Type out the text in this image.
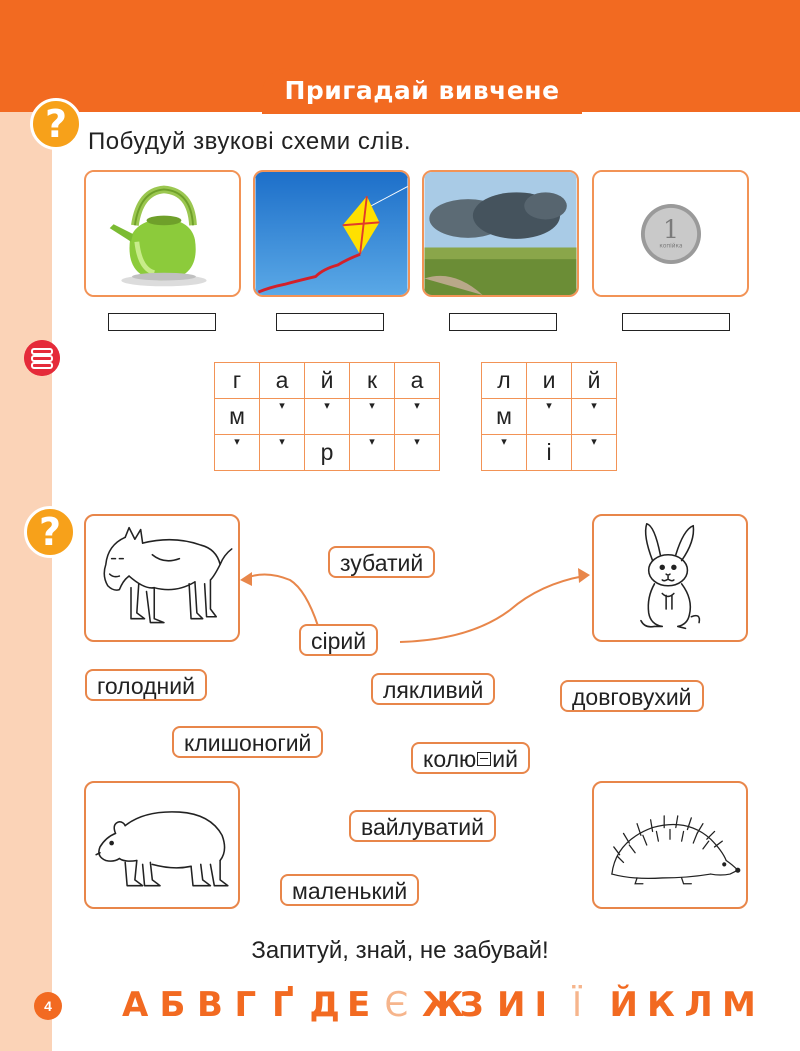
Пригадай вивчене
? Побудуй звукові схеми слів.
1
копійка
г	а	й	к	а
м	▾	▾	▾	▾

▾	▾	р	▾	▾
л	и	й
м	▾	▾

▾	і	▾
?
зубатий
сірий
голодний	лякливий	довговухий
клишоногий
колю ий
вайлуватий
маленький
Запитуй, знай, не забувай!
4 А Б В Г Ґ Д Е Є Ж
З И І Ї Й К Л М
